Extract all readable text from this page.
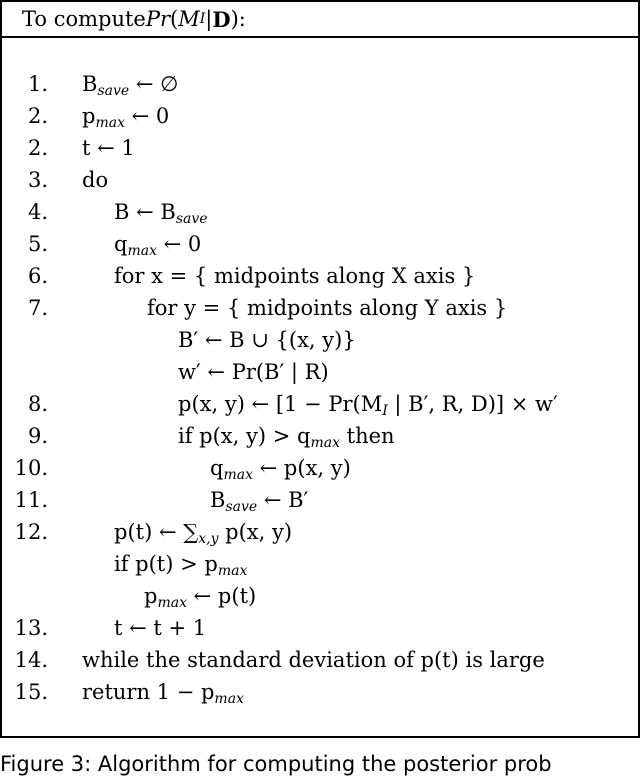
To compute Pr ( M I | D ):
1. $B_{save}$ ← ∅
2. $p_{max}$ ← 0
2. t ← 1
3. do
4.	B ← $B_{save}$
5.	$q_{max}$ ← 0
6.	for x = { midpoints along X axis }
7.	for y = { midpoints along Y axis }
B′ ← B ∪ {(x, y)}
w′ ← Pr(B′ | R)
8.	p(x, y) ← [$1 - Pr(M_I$ | B′, R, D)] × w′
9.	if p(x, $y) > q_{max}$ then
10.	$q_{max}$ ← p(x, y)
11.	$B_{save}$ ← B′
12.	p(t) ← $\sum_{x,y}$ p(x, y)
if $p(t) > p_{max}$
$p_{max}$ ← p(t)
13.	t ← t + 1
14. while the standard deviation of p(t) is large
15. return $1 - p_{max}$
Figure 3: Algorithm for computing the posterior prob
